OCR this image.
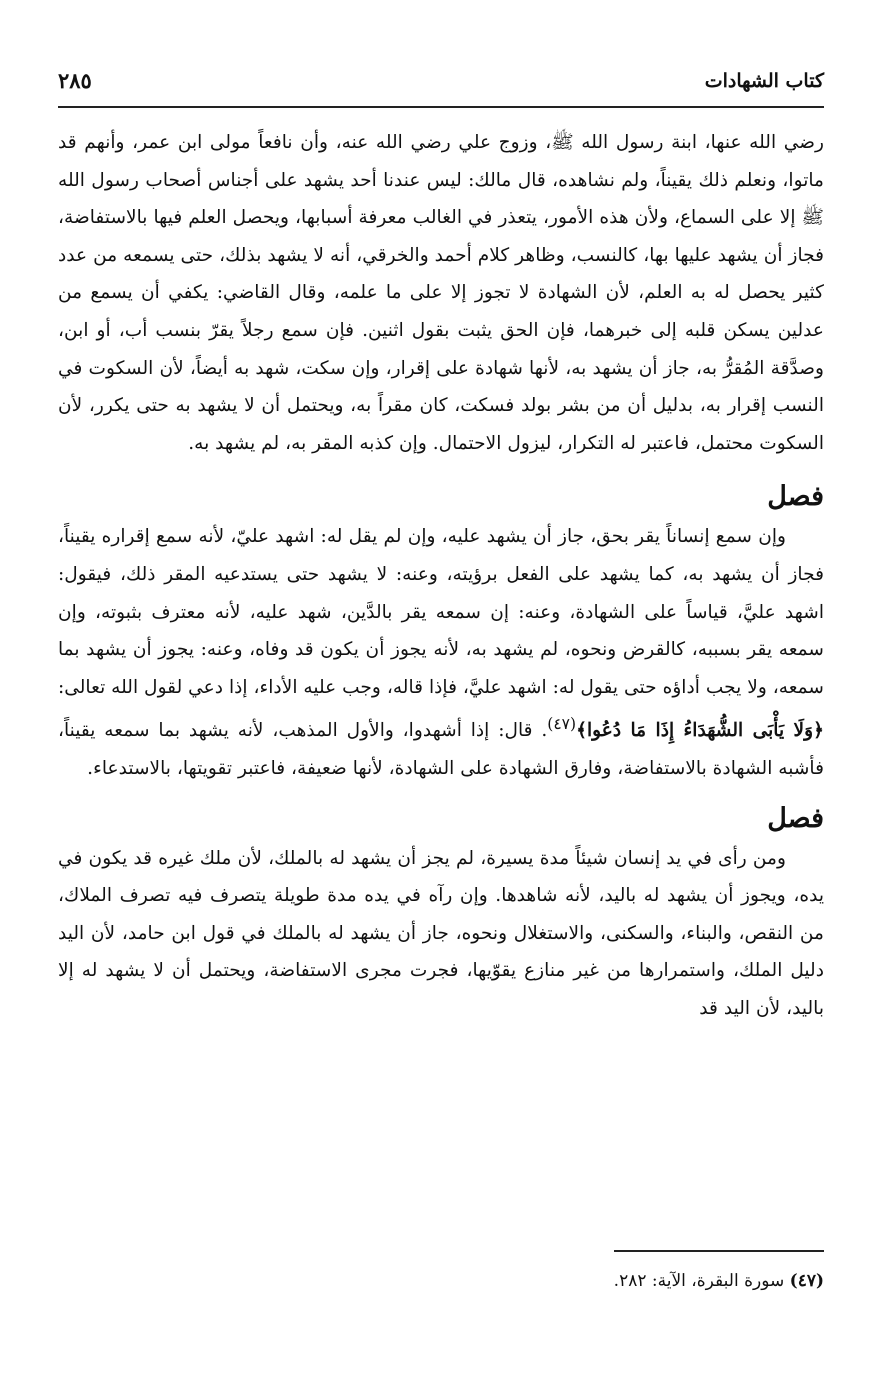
كتاب الشهادات
٢٨٥

رضي الله عنها، ابنة رسول الله ﷺ، وزوج علي رضي الله عنه، وأن نافعاً مولى ابن عمر، وأنهم قد ماتوا، ونعلم ذلك يقيناً، ولم نشاهده، قال مالك: ليس عندنا أحد يشهد على أجناس أصحاب رسول الله ﷺ إلا على السماع، ولأن هذه الأمور، يتعذر في الغالب معرفة أسبابها، ويحصل العلم فيها بالاستفاضة، فجاز أن يشهد عليها بها، كالنسب، وظاهر كلام أحمد والخرقي، أنه لا يشهد بذلك، حتى يسمعه من عدد كثير يحصل له به العلم، لأن الشهادة لا تجوز إلا على ما علمه، وقال القاضي: يكفي أن يسمع من عدلين يسكن قلبه إلى خبرهما، فإن الحق يثبت بقول اثنين. فإن سمع رجلاً يقرّ بنسب أب، أو ابن، وصدَّقة المُقرُّ به، جاز أن يشهد به، لأنها شهادة على إقرار، وإن سكت، شهد به أيضاً، لأن السكوت في النسب إقرار به، بدليل أن من بشر بولد فسكت، كان مقراً به، ويحتمل أن لا يشهد به حتى يكرر، لأن السكوت محتمل، فاعتبر له التكرار، ليزول الاحتمال. وإن كذبه المقر به، لم يشهد به.

فصل

وإن سمع إنساناً يقر بحق، جاز أن يشهد عليه، وإن لم يقل له: اشهد عليّ، لأنه سمع إقراره يقيناً، فجاز أن يشهد به، كما يشهد على الفعل برؤيته، وعنه: لا يشهد حتى يستدعيه المقر ذلك، فيقول: اشهد عليَّ، قياساً على الشهادة، وعنه: إن سمعه يقر بالدَّين، شهد عليه، لأنه معترف بثبوته، وإن سمعه يقر بسببه، كالقرض ونحوه، لم يشهد به، لأنه يجوز أن يكون قد وفاه، وعنه: يجوز أن يشهد بما سمعه، ولا يجب أداؤه حتى يقول له: اشهد عليَّ، فإذا قاله، وجب عليه الأداء، إذا دعي لقول الله تعالى: ﴿وَلَا يَأْبَى الشُّهَدَاءُ إِذَا مَا دُعُوا﴾$^{(٤٧)}$. قال: إذا أشهدوا، والأول المذهب، لأنه يشهد بما سمعه يقيناً، فأشبه الشهادة بالاستفاضة، وفارق الشهادة على الشهادة، لأنها ضعيفة، فاعتبر تقويتها، بالاستدعاء.

فصل

ومن رأى في يد إنسان شيئاً مدة يسيرة، لم يجز أن يشهد له بالملك، لأن ملك غيره قد يكون في يده، ويجوز أن يشهد له باليد، لأنه شاهدها. وإن رآه في يده مدة طويلة يتصرف فيه تصرف الملاك، من النقص، والبناء، والسكنى، والاستغلال ونحوه، جاز أن يشهد له بالملك في قول ابن حامد، لأن اليد دليل الملك، واستمرارها من غير منازع يقوّيها، فجرت مجرى الاستفاضة، ويحتمل أن لا يشهد له إلا باليد، لأن اليد قد

(٤٧) سورة البقرة، الآية: ٢٨٢.
